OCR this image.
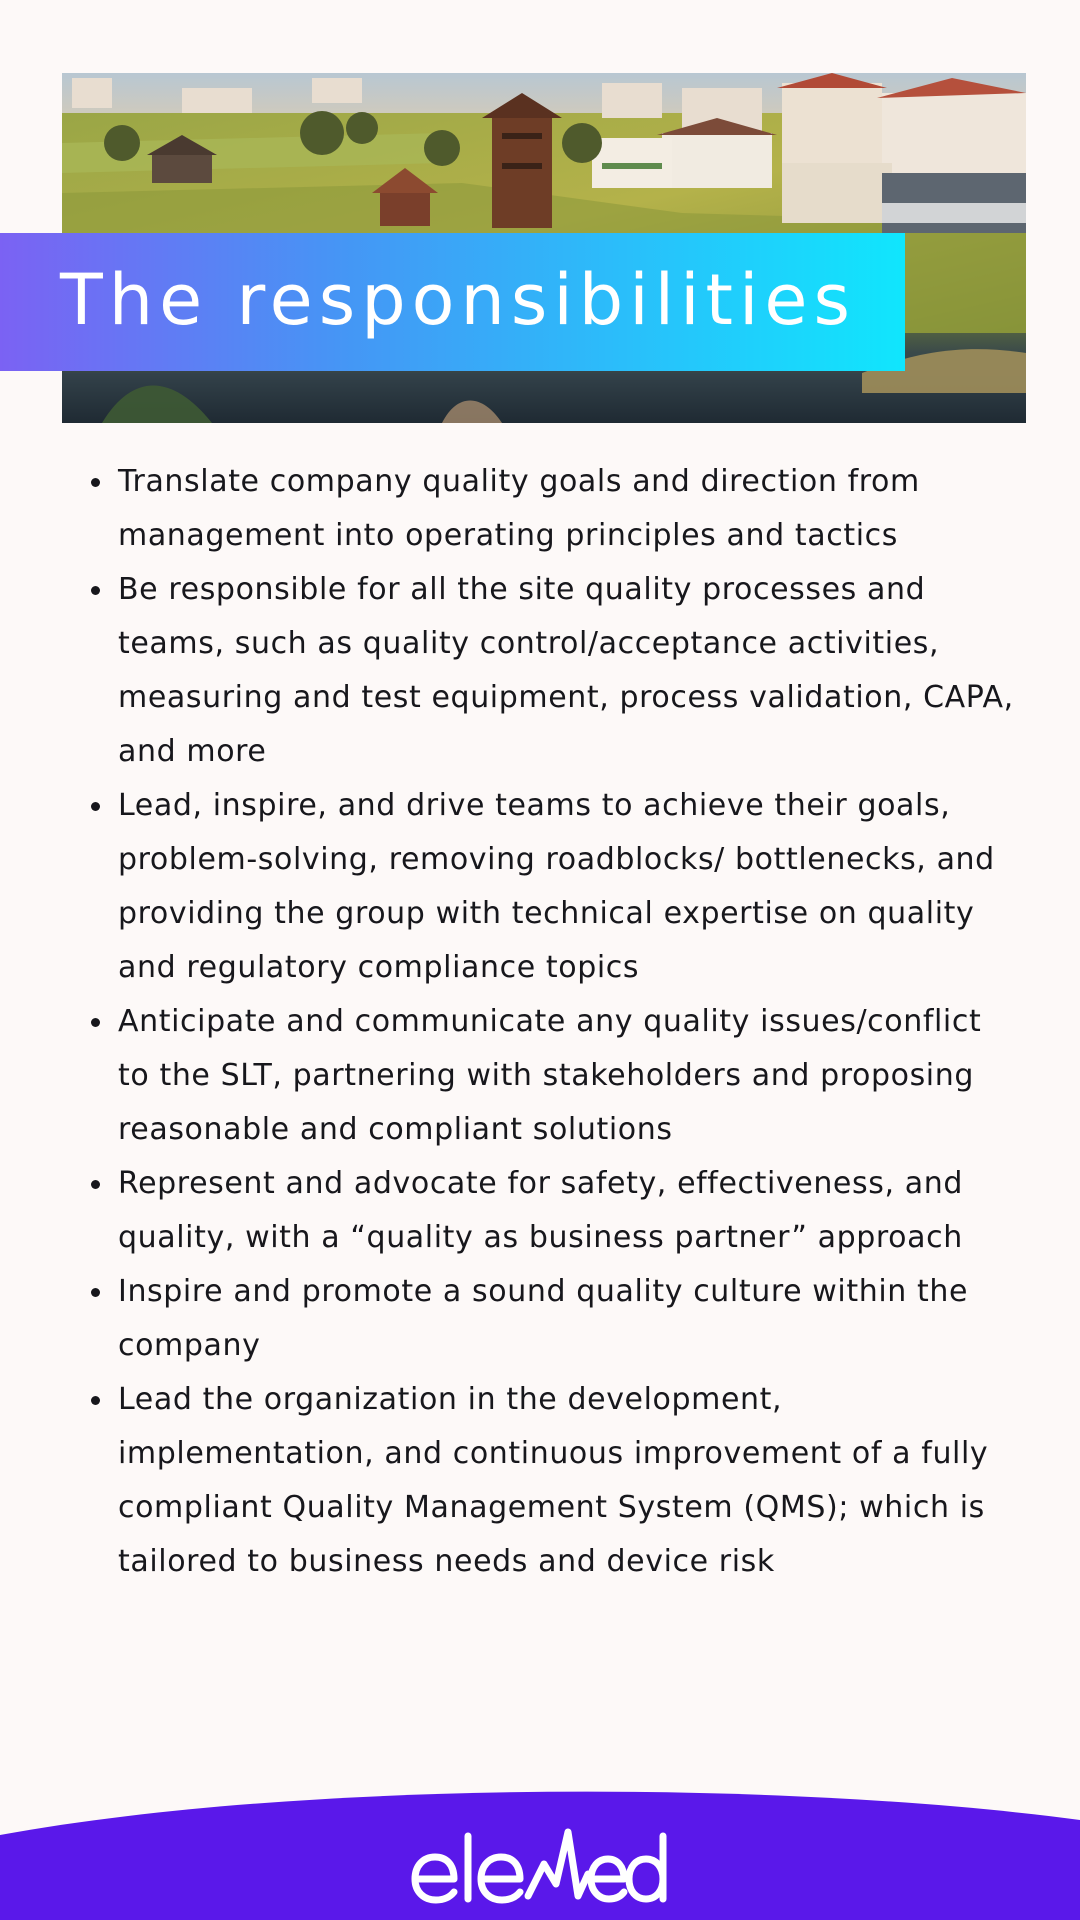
The responsibilities
Translate company quality goals and direction from management into operating principles and tactics
Be responsible for all the site quality processes and teams, such as quality control/acceptance activities, measuring and test equipment, process validation, CAPA, and more
Lead, inspire, and drive teams to achieve their goals, problem-solving, removing roadblocks/ bottlenecks, and providing the group with technical expertise on quality and regulatory compliance topics
Anticipate and communicate any quality issues/conflict to the SLT, partnering with stakeholders and proposing reasonable and compliant solutions
Represent and advocate for safety, effectiveness, and quality, with a “quality as business partner” approach
Inspire and promote a sound quality culture within the company
Lead the organization in the development, implementation, and continuous improvement of a fully compliant Quality Management System (QMS); which is tailored to business needs and device risk
